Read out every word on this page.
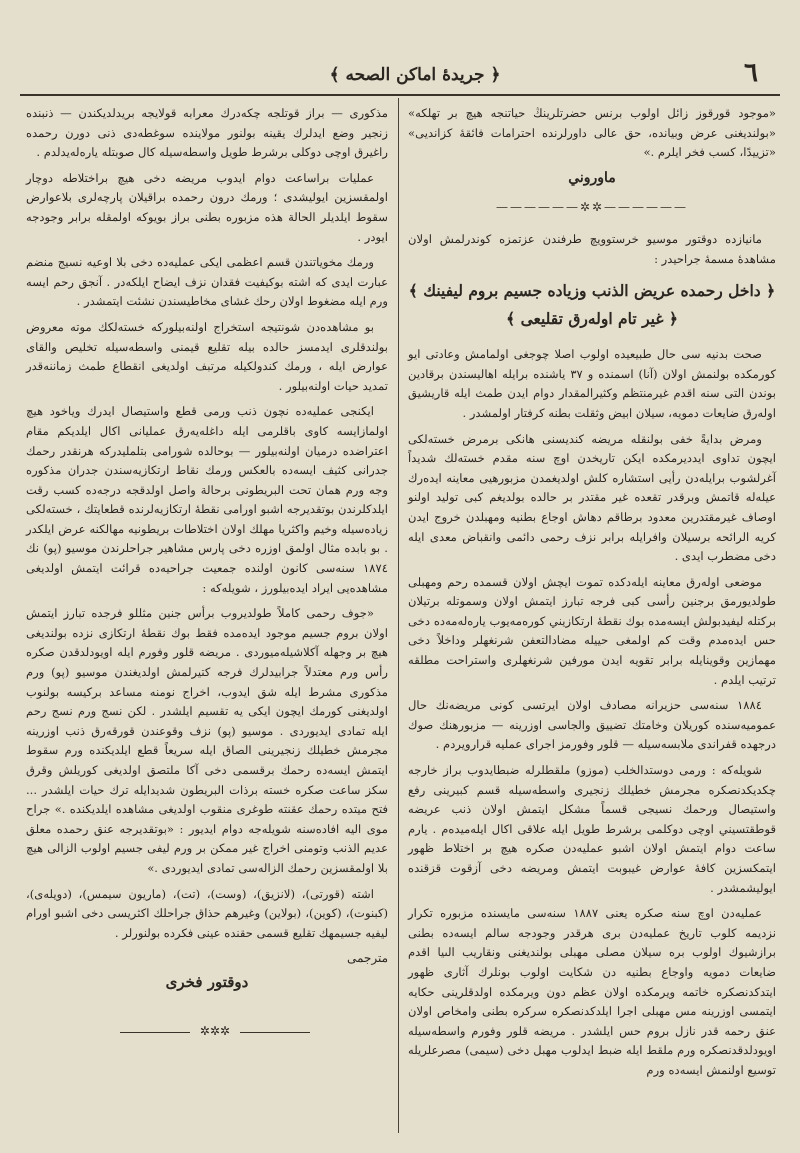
﴿ جريدهٔ اماكن الصحه ﴾	٦

«موجود قورقوز زائل اولوب برنس حضرتلرينڭ حياتنجه هيچ بر تهلكه» «بولنديغنى عرض وبيانده، حق عالى داورلرنده احترامات فائقهٔ كزانديى» «تزييدًا، كسب فخر ايلرم .»

ماوروني
——————✲✲——————

مانيازده دوقتور موسيو خرستوويچ طرفندن عزتمزه كوندرلمش اولان مشاهدهٔ مسمهٔ جراحيدر :

﴿ داخل رحمده عريض الذنب وزياده جسيم بروم ليفينك ﴾
﴿ غير تام اولەرق تقليعى ﴾

صحت بدنيه سى حال طبيعيده اولوب اصلا چوجغى اولمامش وعادتى ايو كورمكده بولنمش اولان (آنا) اسمنده و ٣٧ ياشنده برايله اهاليسندن برقادين بوندن التى سنه اقدم غيرمنتظم وكثيرالمقدار دوام ايدن طمث ايله قاريشيق اولەرق ضايعات دمويه، سيلان ابيض وثقلت بطنه كرفتار اولمشدر .

ومرض بدايةً خفى بولنقله مريضه كنديسنى هانكى برمرض خستەلكى ايچون تداوى ايدديرمكده ايكن تاريخدن اوچ سنه مقدم خستەلك شديداً آغرلشوب برايلەدن رأيى استشاره كلش اولديغمدن مزبورهيى معاينه ايدەرك عيلەلە قاتمش وبرقدر تقعده غير مقتدر بر حالده بولديغم كبى توليد اولنو اوصاف غيرمقتدرين معدود برطاقم دهاش اوجاع بطنيه ومهبلدن خروج ايدن كريه الرائحه برسيلان وافرايله برابر نزف رحمى دائمى وانقباض معدى ايله دخى مضطرب ايدى .

موضعى اولەرق معاينه ايلەدكده تموت ايچش اولان قسمده رحم ومهبلى طولديورمق برجنين رأسى كبى فرجه تبارز ايتمش اولان وسموتله برتيلان بركتله ليفيدبولش ايسەمده بوك نقطهٔ ارتكازيني كورەمەيوب يارەلەمەدە دخى حس ايدەمدم وقت كم اولمغى حييله مضادالتعفن شرنغهلر وداخلاً دخى مهمازين وقوينايله برابر تقويه ايدن مورفين شرنغهلرى واستراحت مطلقه ترتيب ايلدم .

١٨٨٤ سنەسى حزيرانه مصادف اولان ايرتسى كونى مريضەنك حال عموميەسنده كوريلان وخامتك تضييق والجاسى اوزرينه — مزبورهنك صوك درجهده قفراندى ملابسەسيله — قلور وفورمز اجراى عمليه قرارويردم .

شويلەكه : ورمى دوستدالخلب (موزو) ملقطلرله ضبطايدوب براز خارجه چكديكدنصكره مجرمش خطيلك زنجيرى واسطەسيله قسم كبيرينى رفع واستيصال ورحمك نسيجى قسماً مشكل ايتمش اولان ذنب عريضه قوطقتسيني اوچى دوكلمى برشرط طويل ايله علاقى اكال ايلەميدەم . يارم ساعت دوام ايتمش اولان اشبو عمليەدن صكره هيچ بر اختلاط ظهور ايتمكسزين كافهٔ عوارض غيبوبت ايتمش ومريضه دخى آزقوت قزقنده ايوليشمشدر .

عمليەدن اوچ سنه صكره يعنى ١٨٨٧ سنەسى مايسنده مزبوره تكرار نزديمه كلوب تاريخ عمليەدن برى هرقدر وجودجه سالم ايسەده بطنى برازشيوك اولوب بره سيلان مصلى مهبلى بولنديغنى ونقاريب الىيا اقدم ضايعات دمويه واوجاع بطنيه دن شكايت اولوب بونلرك آثارى ظهور ايتدكدنصكره خاتمه ويرمكده اولان عظم دون ويرمكده اولدقلرينى حكايه ايتمسى اوزرينه مس مهبلى اجرا ايلدكدنصكره سركره بطنى وامخاص اولان عنق رحمه قدر نازل بروم حس ايلشدر . مريضه قلور وفورم واسطەسيله اويودلدقدنصكره ورم ملقط ايله ضبط ايدلوب مهبل دخى (سيمى) مصرعلريله توسيع اولنمش ايسەده ورم

مذكورى — براز قوتلجه چكەدرك معرابه قولايجه بريدلديكندن — ذنبنده زنجير وضع ايدلرك يقينه بولنور مولاينده سوغطەدى ذنى دورن رحمده راغيرق اوچى دوكلى برشرط طويل واسطەسيله كال صوبتله يارەلەيدلدم .

عمليات براساعت دوام ايدوب مريضه دخى هيچ براختلاطه دوچار اولمقسزين ايوليشدى ؛ ورمك درون رحمده براقيلان پارچەلرى بلاعوارض سقوط ايلديلر الحالة هذه مزبوره بطنى براز بويوكه اولمقله برابر وجودجه ايودر .

ورمك مخوياتندن قسم اعظمى ايكى عمليەده دخى بلا اوعيه نسيج منضم عبارت ايدى كه اشته بوكيفيت فقدان نزف ايضاح ايلكەدر . آنجق رحم ايسه ورم ايله مضغوط اولان رحك غشاى مخاطيسندن نشئت ايتمشدر .

بو مشاهدەدن شونتيجه استخراج اولنەبيلوركه خستەلكك موته معروض بولندقلرى ايدمسز حالده بيله تقليع قيمنى واسطەسيله تخليص والقاى عوارض ايله ، ورمك كندولكيله مرتبف اولديغى انقطاع طمث زماننەقدر تمديد حيات اولنەبيلور .

ايكنجى عمليەده نچون ذنب ورمى قطع واستيصال ايدرك وياخود هيچ اولمازايسه كاوى باقلرمى ايله داغلەيەرق عمليانى اكال ايلديكم مقام اعتراضده درميان اولنەبيلور — بوحالده شورامى بتلمليدركه هرنقدر رحمك جدرانى كثيف ايسەده بالعكس ورمك نقاط ارتكازيەسندن جدران مذكوره وجه ورم همان تحت البريطونى برحالة واصل اولدقجه درجەده كسب رقت ايلدكلرندن بوتقديرجه اشبو اورامى نقطهٔ ارتكازيەلرنده قطعايتك ، خستەلكى زيادەسيله وخيم واكثريا مهلك اولان اختلاطات بريطونيه مهالكنه عرض ايلكدر . بو بابده مثال اولمق اوزره دخى پارس مشاهير جراحلرندن موسيو (پو) نك ١٨٧٤ سنەسى كانون اولنده جمعيت جراحيەده قرائت ايتمش اولديغى مشاهدەيى ايراد ايدەبيلورز ، شويلەكه :

«جوف رحمى كاملاً طولديروب برأس جنين مثللو فرجده تبارز ايتمش اولان بروم جسيم موجود ايدەمده فقط بوك نقطهٔ ارتكازى نزده بولنديغى هيچ بر وجهله آكلاشيلەميوردى . مريضه قلور وفورم ايله اويودلدقدن صكره رأس ورم معتدلاً جرابيدلرك فرجه كتيرلمش اولديغندن موسيو (پو) ورم مذكورى مشرط ايله شق ايدوب، اخراج نومنه مساعد بركيسه بولنوب اولديغنى كورمك ايچون ايكى يه تقسيم ايلشدر . لكن نسج ورم نسج رحم ايله تمادى ايديوردى . موسيو (پو) نزف وقوعندن قورقەرق ذنب اوزرينه مجرمش خطيلك زنجيرينى الصاق ايله سريعاً قطع ايلديكنده ورم سقوط ايتمش ايسەده رحمك برقسمى دخى آكا ملتصق اولديغى كوريلش وقرق سكز ساعت صكره خستە برذات البريطون شديدايله ترك حيات ايلشدر ... فتح ميتده رحمك عقنته طوغرى منقوب اولديغى مشاهده ايلديكنده .» جراح موى اليه افادەسنه شويلەجه دوام ايديور : «بوتقديرجه عنق رحمده معلق عديم الذنب وتومنى اخراج غير ممكن بر ورم ليفى جسيم اولوب الزالى هيچ بلا اولمقسزين رحمك الزالەسى تمادى ايديوردى .»

اشته (قورتى)، (لانزيق)، (وست)، (تت)، (ماريون سيمس)، (دويلەى)، (كبنوت)، (كوين)، (بولاين) وغيرهم حذاق جراحلك اكثريسى دخى اشبو اورام ليفيه جسيمهك تقليع قسمى حقنده عينى فكرده بولنورلر .

مترجمى
دوقتور فخرى
✲✲✲
